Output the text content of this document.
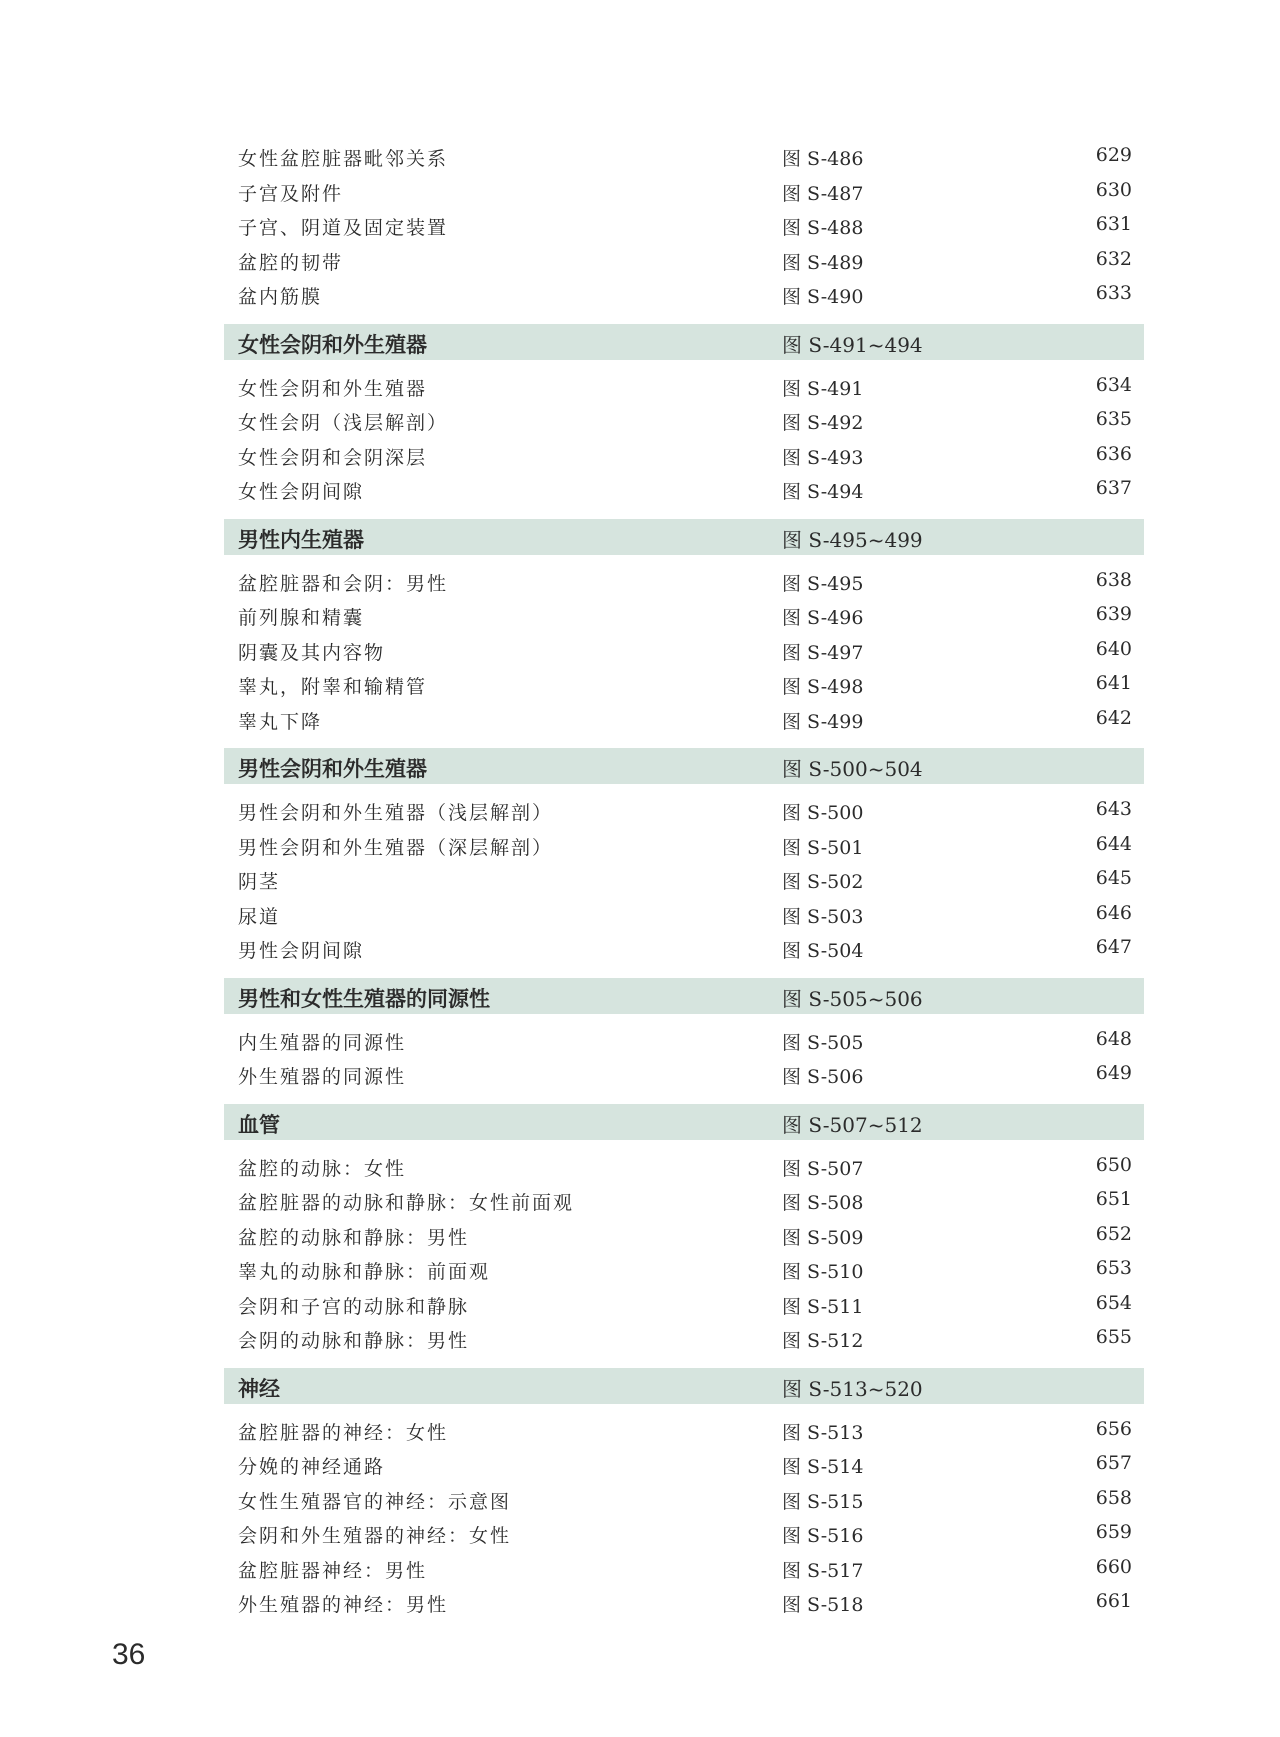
女性盆腔脏器毗邻关系	图 S-486	629
子宫及附件	图 S-487	630
子宫、阴道及固定装置	图 S-488	631
盆腔的韧带	图 S-489	632
盆内筋膜	图 S-490	633
女性会阴和外生殖器	图 S-491~494
女性会阴和外生殖器	图 S-491	634
女性会阴（浅层解剖）	图 S-492	635
女性会阴和会阴深层	图 S-493	636
女性会阴间隙	图 S-494	637
男性内生殖器	图 S-495~499
盆腔脏器和会阴：男性	图 S-495	638
前列腺和精囊	图 S-496	639
阴囊及其内容物	图 S-497	640
睾丸，附睾和输精管	图 S-498	641
睾丸下降	图 S-499	642
男性会阴和外生殖器	图 S-500~504
男性会阴和外生殖器（浅层解剖）	图 S-500	643
男性会阴和外生殖器（深层解剖）	图 S-501	644
阴茎	图 S-502	645
尿道	图 S-503	646
男性会阴间隙	图 S-504	647
男性和女性生殖器的同源性	图 S-505~506
内生殖器的同源性	图 S-505	648
外生殖器的同源性	图 S-506	649
血管	图 S-507~512
盆腔的动脉：女性	图 S-507	650
盆腔脏器的动脉和静脉：女性前面观	图 S-508	651
盆腔的动脉和静脉：男性	图 S-509	652
睾丸的动脉和静脉：前面观	图 S-510	653
会阴和子宫的动脉和静脉	图 S-511	654
会阴的动脉和静脉：男性	图 S-512	655
神经	图 S-513~520
盆腔脏器的神经：女性	图 S-513	656
分娩的神经通路	图 S-514	657
女性生殖器官的神经：示意图	图 S-515	658
会阴和外生殖器的神经：女性	图 S-516	659
盆腔脏器神经：男性	图 S-517	660
外生殖器的神经：男性	图 S-518	661
36
